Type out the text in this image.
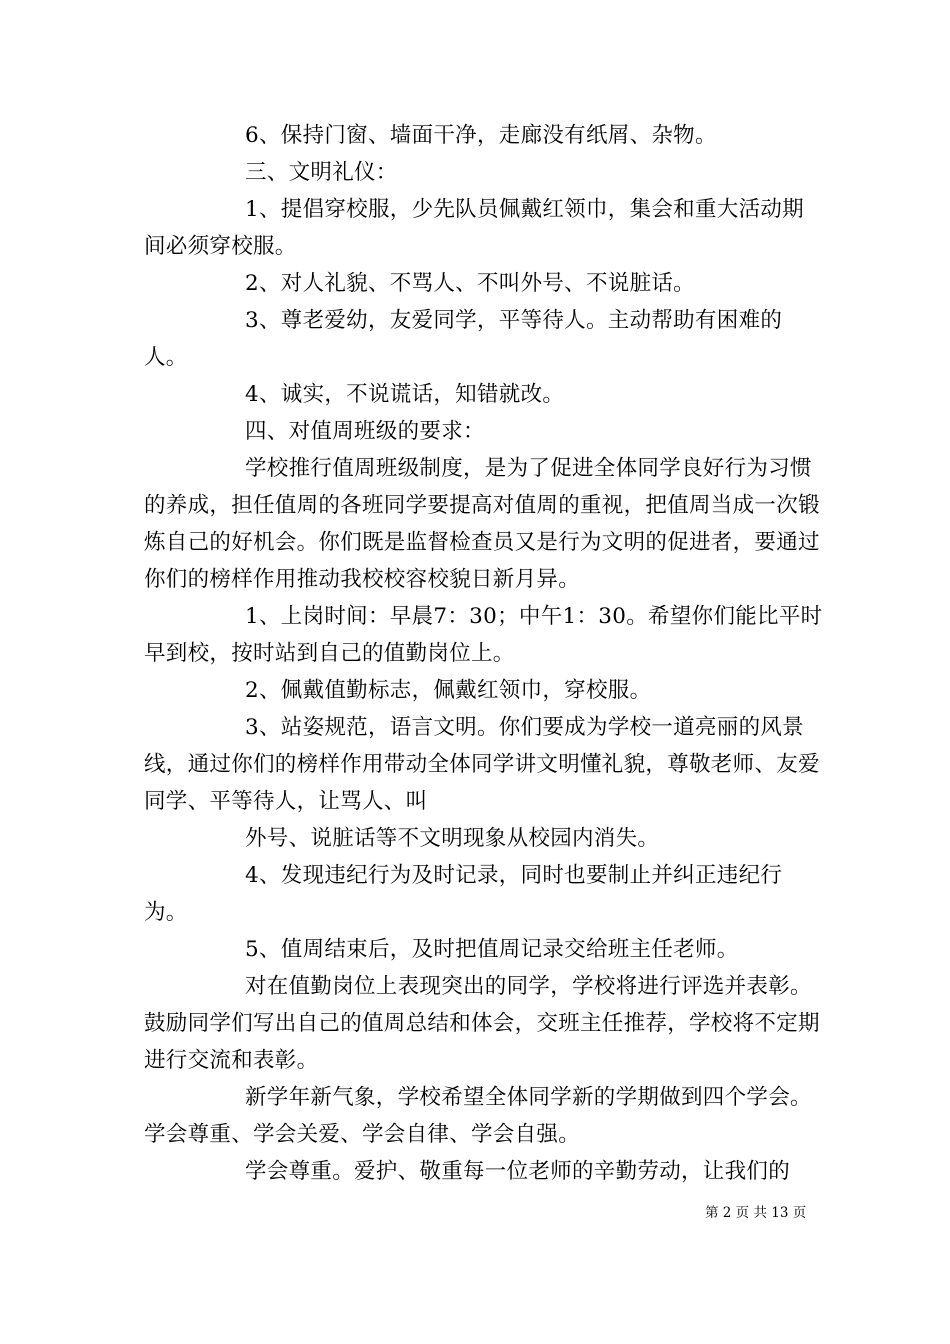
6、保持门窗、墙面干净，走廊没有纸屑、杂物。

三、文明礼仪：

1、提倡穿校服，少先队员佩戴红领巾，集会和重大活动期间必须穿校服。

2、对人礼貌、不骂人、不叫外号、不说脏话。

3、尊老爱幼，友爱同学，平等待人。主动帮助有困难的人。

4、诚实，不说谎话，知错就改。

四、对值周班级的要求：

学校推行值周班级制度，是为了促进全体同学良好行为习惯的养成，担任值周的各班同学要提高对值周的重视，把值周当成一次锻炼自己的好机会。你们既是监督检查员又是行为文明的促进者，要通过你们的榜样作用推动我校校容校貌日新月异。

1、上岗时间：早晨7：30；中午1：30。希望你们能比平时早到校，按时站到自己的值勤岗位上。

2、佩戴值勤标志，佩戴红领巾，穿校服。

3、站姿规范，语言文明。你们要成为学校一道亮丽的风景线，通过你们的榜样作用带动全体同学讲文明懂礼貌，尊敬老师、友爱同学、平等待人，让骂人、叫

外号、说脏话等不文明现象从校园内消失。

4、发现违纪行为及时记录，同时也要制止并纠正违纪行为。

5、值周结束后，及时把值周记录交给班主任老师。

对在值勤岗位上表现突出的同学，学校将进行评选并表彰。鼓励同学们写出自己的值周总结和体会，交班主任推荐，学校将不定期进行交流和表彰。

新学年新气象，学校希望全体同学新的学期做到四个学会。学会尊重、学会关爱、学会自律、学会自强。

学会尊重。爱护、敬重每一位老师的辛勤劳动，让我们的

第 2 页 共 13 页
